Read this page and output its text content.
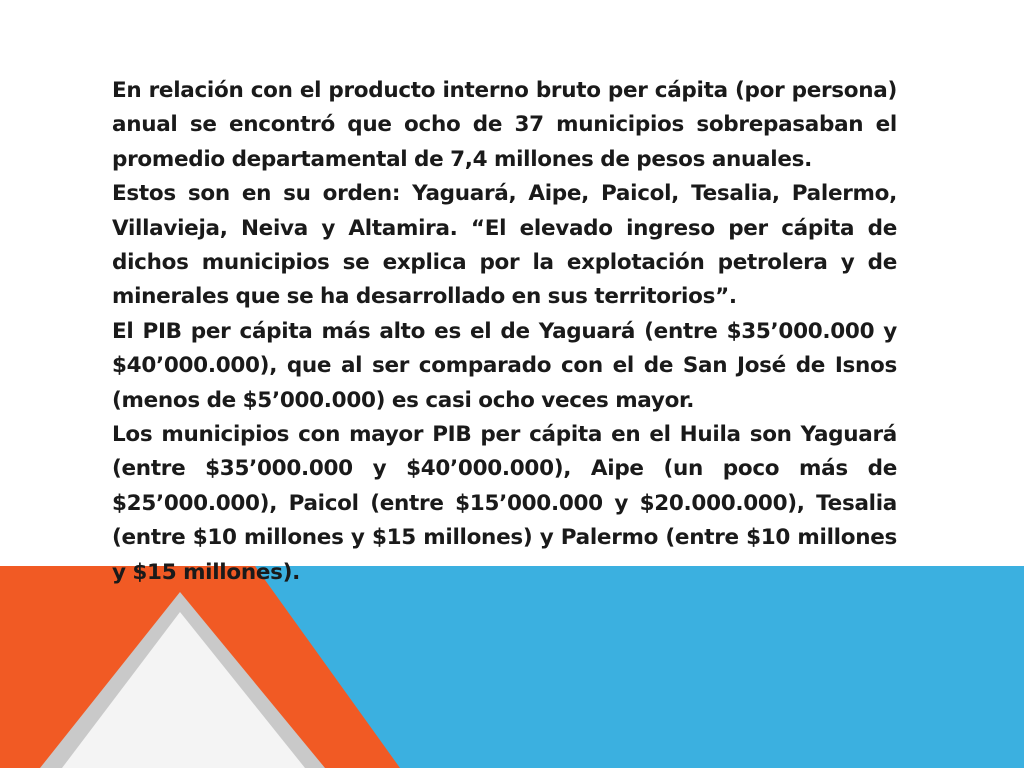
En relación con el producto interno bruto per cápita (por persona) anual se encontró que ocho de 37 municipios sobrepasaban el promedio departamental de 7,4 millones de pesos anuales.

Estos son en su orden: Yaguará, Aipe, Paicol, Tesalia, Palermo, Villavieja, Neiva y Altamira. “El elevado ingreso per cápita de dichos municipios se explica por la explotación petrolera y de minerales que se ha desarrollado en sus territorios”.

El PIB per cápita más alto es el de Yaguará (entre $35’000.000 y $40’000.000), que al ser comparado con el de San José de Isnos (menos de $5’000.000) es casi ocho veces mayor.

Los municipios con mayor PIB per cápita en el Huila son Yaguará (entre $35’000.000 y $40’000.000), Aipe (un poco más de $25’000.000), Paicol (entre $15’000.000 y $20.000.000), Tesalia (entre $10 millones y $15 millones) y Palermo (entre $10 millones y $15 millones).
